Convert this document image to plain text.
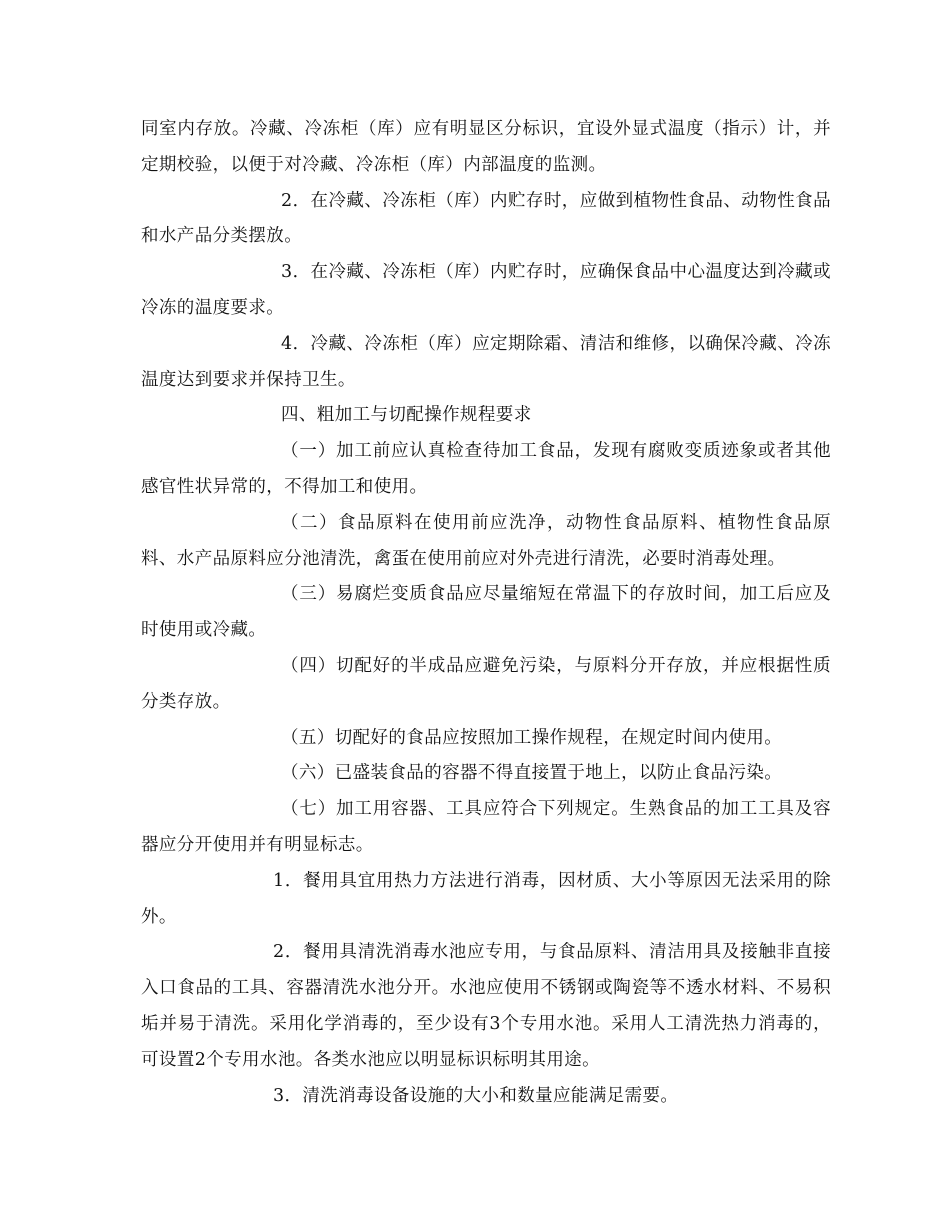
同室内存放。冷藏、冷冻柜（库）应有明显区分标识，宜设外显式温度（指示）计，并定期校验，以便于对冷藏、冷冻柜（库）内部温度的监测。

2．在冷藏、冷冻柜（库）内贮存时，应做到植物性食品、动物性食品和水产品分类摆放。

3．在冷藏、冷冻柜（库）内贮存时，应确保食品中心温度达到冷藏或冷冻的温度要求。

4．冷藏、冷冻柜（库）应定期除霜、清洁和维修，以确保冷藏、冷冻温度达到要求并保持卫生。

四、粗加工与切配操作规程要求

（一）加工前应认真检查待加工食品，发现有腐败变质迹象或者其他感官性状异常的，不得加工和使用。

（二）食品原料在使用前应洗净，动物性食品原料、植物性食品原料、水产品原料应分池清洗，禽蛋在使用前应对外壳进行清洗，必要时消毒处理。

（三）易腐烂变质食品应尽量缩短在常温下的存放时间，加工后应及时使用或冷藏。

（四）切配好的半成品应避免污染，与原料分开存放，并应根据性质分类存放。

（五）切配好的食品应按照加工操作规程，在规定时间内使用。

（六）已盛装食品的容器不得直接置于地上，以防止食品污染。

（七）加工用容器、工具应符合下列规定。生熟食品的加工工具及容器应分开使用并有明显标志。

1．餐用具宜用热力方法进行消毒，因材质、大小等原因无法采用的除外。

2．餐用具清洗消毒水池应专用，与食品原料、清洁用具及接触非直接入口食品的工具、容器清洗水池分开。水池应使用不锈钢或陶瓷等不透水材料、不易积垢并易于清洗。采用化学消毒的，至少设有3个专用水池。采用人工清洗热力消毒的，可设置2个专用水池。各类水池应以明显标识标明其用途。

3．清洗消毒设备设施的大小和数量应能满足需要。
